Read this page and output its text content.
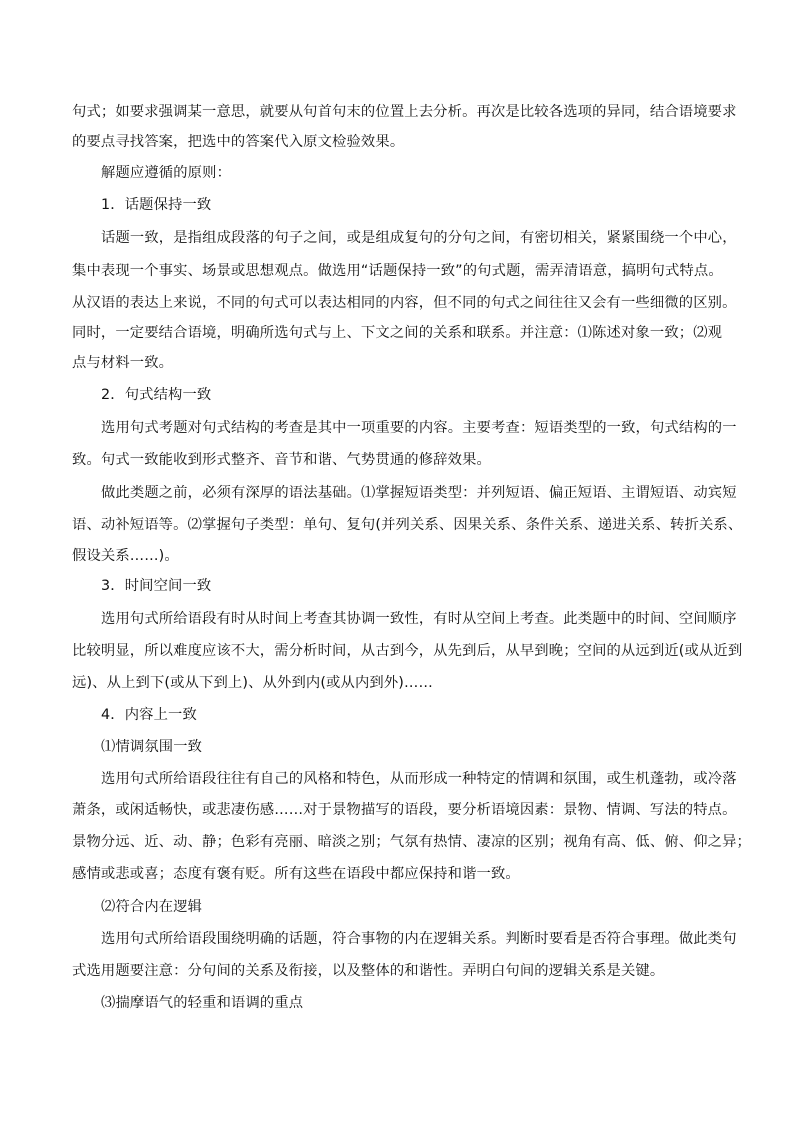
句式；如要求强调某一意思，就要从句首句末的位置上去分析。再次是比较各选项的异同，结合语境要求
的要点寻找答案，把选中的答案代入原文检验效果。
解题应遵循的原则：
1．话题保持一致
话题一致，是指组成段落的句子之间，或是组成复句的分句之间，有密切相关，紧紧围绕一个中心，
集中表现一个事实、场景或思想观点。做选用“话题保持一致”的句式题，需弄清语意，搞明句式特点。
从汉语的表达上来说，不同的句式可以表达相同的内容，但不同的句式之间往往又会有一些细微的区别。
同时，一定要结合语境，明确所选句式与上、下文之间的关系和联系。并注意：⑴陈述对象一致；⑵观
点与材料一致。
2．句式结构一致
选用句式考题对句式结构的考查是其中一项重要的内容。主要考查：短语类型的一致，句式结构的一
致。句式一致能收到形式整齐、音节和谐、气势贯通的修辞效果。
做此类题之前，必须有深厚的语法基础。⑴掌握短语类型：并列短语、偏正短语、主谓短语、动宾短
语、动补短语等。⑵掌握句子类型：单句、复句(并列关系、因果关系、条件关系、递进关系、转折关系、
假设关系……)。
3．时间空间一致
选用句式所给语段有时从时间上考查其协调一致性，有时从空间上考查。此类题中的时间、空间顺序
比较明显，所以难度应该不大，需分析时间，从古到今，从先到后，从早到晚；空间的从远到近(或从近到
远)、从上到下(或从下到上)、从外到内(或从内到外)……
4．内容上一致
⑴情调氛围一致
选用句式所给语段往往有自己的风格和特色，从而形成一种特定的情调和氛围，或生机蓬勃，或冷落
萧条，或闲适畅快，或悲凄伤感……对于景物描写的语段，要分析语境因素：景物、情调、写法的特点。
景物分远、近、动、静；色彩有亮丽、暗淡之别；气氛有热情、凄凉的区别；视角有高、低、俯、仰之异；
感情或悲或喜；态度有褒有贬。所有这些在语段中都应保持和谐一致。
⑵符合内在逻辑
选用句式所给语段围绕明确的话题，符合事物的内在逻辑关系。判断时要看是否符合事理。做此类句
式选用题要注意：分句间的关系及衔接，以及整体的和谐性。弄明白句间的逻辑关系是关键。
⑶揣摩语气的轻重和语调的重点
